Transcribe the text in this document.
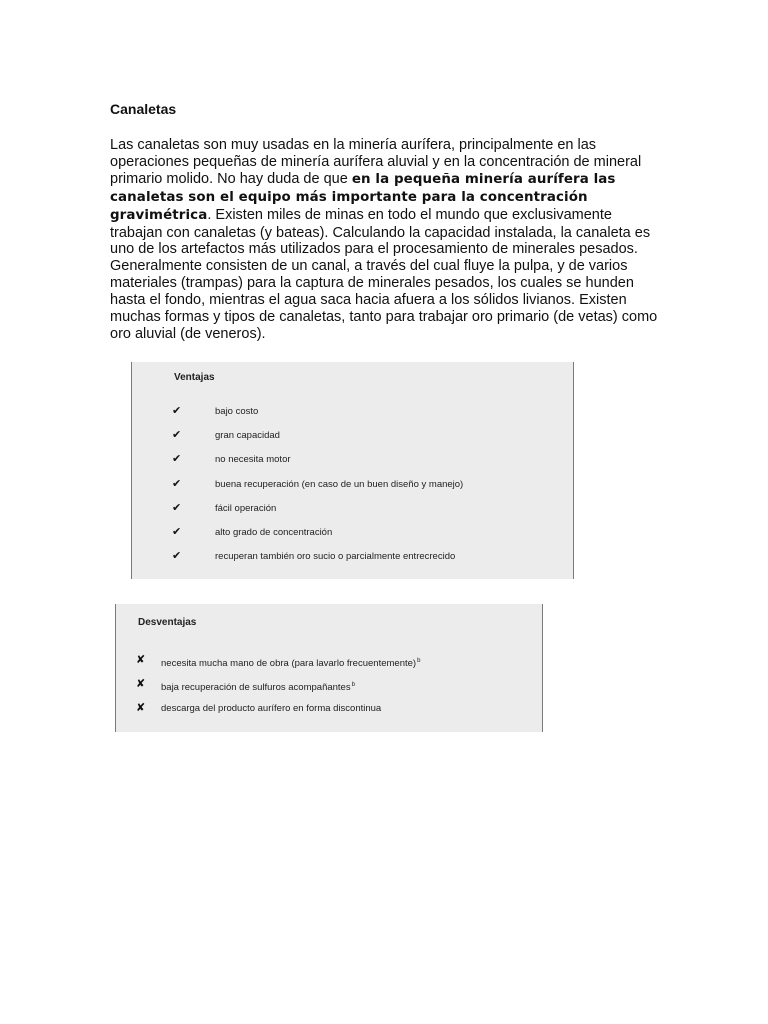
Canaletas

Las canaletas son muy usadas en la minería aurífera, principalmente en las operaciones pequeñas de minería aurífera aluvial y en la concentración de mineral primario molido. No hay duda de que en la pequeña minería aurífera las canaletas son el equipo más importante para la concentración gravimétrica. Existen miles de minas en todo el mundo que exclusivamente trabajan con canaletas (y bateas). Calculando la capacidad instalada, la canaleta es uno de los artefactos más utilizados para el procesamiento de minerales pesados. Generalmente consisten de un canal, a través del cual fluye la pulpa, y de varios materiales (trampas) para la captura de minerales pesados, los cuales se hunden hasta el fondo, mientras el agua saca hacia afuera a los sólidos livianos. Existen muchas formas y tipos de canaletas, tanto para trabajar oro primario (de vetas) como oro aluvial (de veneros).

Ventajas
✔	bajo costo
✔	gran capacidad
✔	no necesita motor
✔	buena recuperación (en caso de un buen diseño y manejo)
✔	fácil operación
✔	alto grado de concentración
✔	recuperan también oro sucio o parcialmente entrecrecido
Desventajas
✘	necesita mucha mano de obra (para lavarlo frecuentemente)$^b$
✘	baja recuperación de sulfuros acompañantes$^b$
✘	descarga del producto aurífero en forma discontinua
